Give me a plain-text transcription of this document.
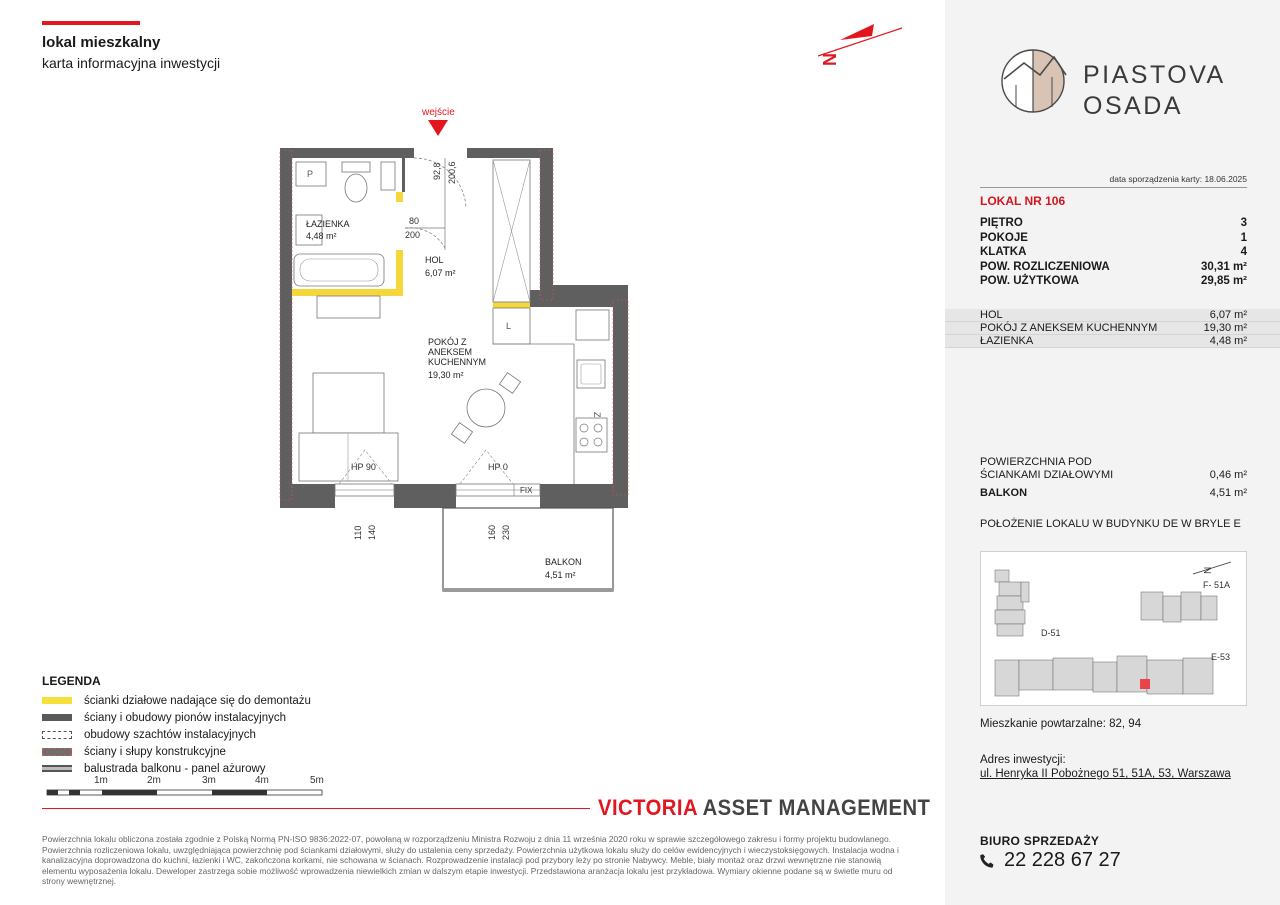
lokal mieszkalny
karta informacyjna inwestycji	N
P
wejście
92,8 200,6
80
200
ŁAZIENKA
4,48 m²
HOL
6,07 m²
POKÓJ Z
ANEKSEM
KUCHENNYM
19,30 m²
L
HP 90	HP 0
FIX
110 140	160 230
BALKON
4,51 m²
LEGENDA
ścianki działowe nadające się do demontażu
ściany i obudowy pionów instalacyjnych
obudowy szachtów instalacyjnych
ściany i słupy konstrukcyjne
balustrada balkonu - panel ażurowy
1m	2m	3m	4m	5m
VICTORIA ASSET MANAGEMENT
Powierzchnia lokalu obliczona została zgodnie z Polską Normą PN-ISO 9836:2022-07, powołaną w rozporządzeniu Ministra Rozwoju z dnia 11 września 2020 roku w sprawie szczegółowego zakresu i formy projektu budowlanego. Powierzchnia rozliczeniowa lokalu, uwzględniająca powierzchnię pod ściankami działowymi, służy do ustalenia ceny sprzedaży. Powierzchnia użytkowa lokalu służy do celów ewidencyjnych i wieczystoksięgowych. Instalacja wodna i kanalizacyjna doprowadzona do kuchni, łazienki i WC, zakończona korkami, nie schowana w ścianach. Rozprowadzenie instalacji pod przybory leży po stronie Nabywcy. Meble, biały montaż oraz drzwi wewnętrzne nie stanowią elementu wyposażenia lokalu. Deweloper zastrzega sobie możliwość wprowadzenia niewielkich zmian w dalszym etapie inwestycji. Przedstawiona aranżacja lokalu jest przykładowa. Wymiary okienne podane są w świetle muru od strony wewnętrznej.
PIASTOVA
OSADA
data sporządzenia karty: 18.06.2025
LOKAL NR 106
PIĘTRO	3
POKOJE	1
KLATKA	4
POW. ROZLICZENIOWA	30,31 m²
POW. UŻYTKOWA	29,85 m²
HOL	6,07 m²
POKÓJ Z ANEKSEM KUCHENNYM	19,30 m²
ŁAZIENKA	4,48 m²
POWIERZCHNIA POD
ŚCIANKAMI DZIAŁOWYMI	0,46 m²
BALKON	4,51 m²
POŁOŻENIE LOKALU W BUDYNKU DE W BRYLE E
D-51
F- 51A
E-53
N
Mieszkanie powtarzalne: 82, 94
Adres inwestycji:
ul. Henryka II Pobożnego 51, 51A, 53, Warszawa
BIURO SPRZEDAŻY
22 228 67 27
